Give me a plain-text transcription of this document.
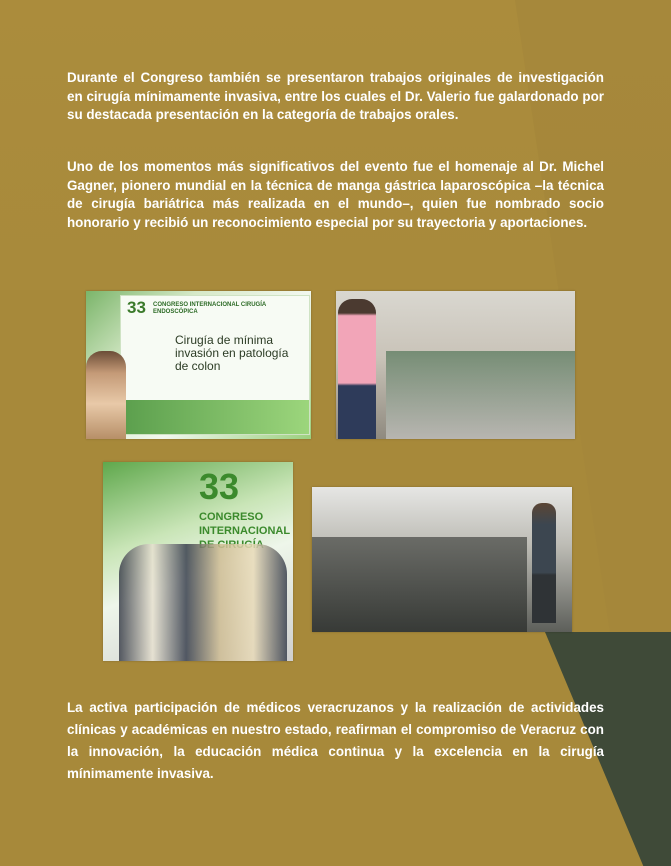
Durante el Congreso también se presentaron trabajos originales de investigación en cirugía mínimamente invasiva, entre los cuales el Dr. Valerio fue galardonado por su destacada presentación en la categoría de trabajos orales.

Uno de los momentos más significativos del evento fue el homenaje al Dr. Michel Gagner, pionero mundial en la técnica de manga gástrica laparoscópica –la técnica de cirugía bariátrica más realizada en el mundo–, quien fue nombrado socio honorario y recibió un reconocimiento especial por su trayectoria y aportaciones.

33 CONGRESO INTERNACIONAL CIRUGÍA ENDOSCÓPICA
Cirugía de mínima invasión en patología de colon
33
CONGRESO INTERNACIONAL

La activa participación de médicos veracruzanos y la realización de actividades clínicas y académicas en nuestro estado, reafirman el compromiso de Veracruz con la innovación, la educación médica continua y la excelencia en la cirugía mínimamente invasiva.
